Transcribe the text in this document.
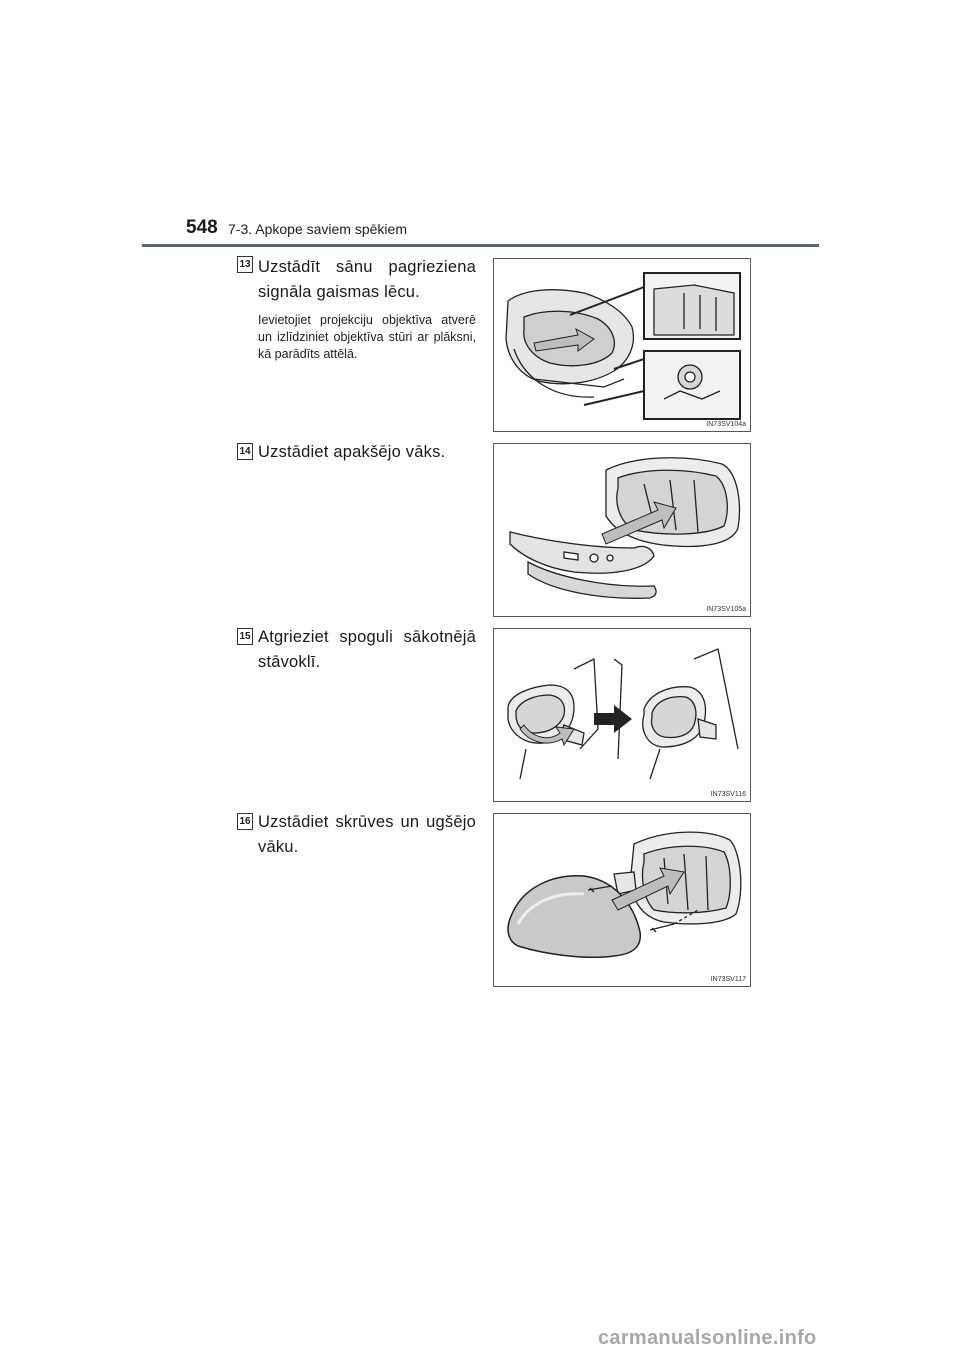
548 7-3. Apkope saviem spēkiem
13 Uzstādīt sānu pagrieziena signāla gaismas lēcu.
Ievietojiet projekciju objektīva atverē un izlīdziniet objektīva stūri ar plāksni, kā parādīts attēlā.
IN73SV104a
14 Uzstādiet apakšējo vāks.
IN73SV105a
15 Atgrieziet spoguli sākotnējā stāvoklī.
IN73SV116
16 Uzstādiet skrūves un ugšējo vāku.
IN73SV117
carmanualsonline.info
